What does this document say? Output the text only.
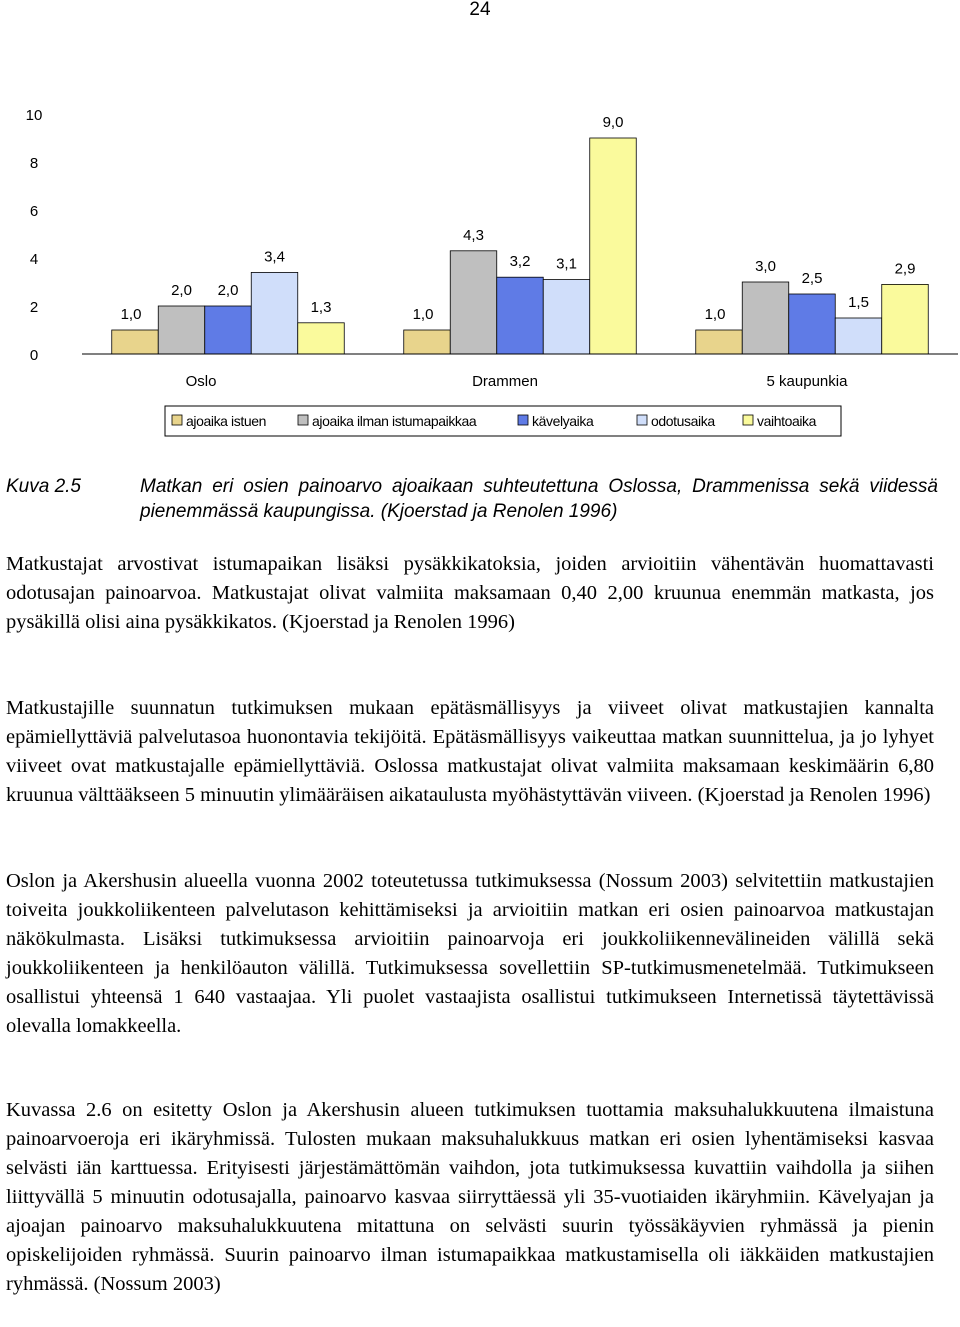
24
0
2
4
6
8
10
1,0
2,0 2,0
3,4
1,3	1,0
4,3
3,2 3,1
9,0
1,0
3,0
2,5
1,5
2,9
Oslo	Drammen	5 kaupunkia
ajoaika istuen	ajoaika ilman istumapaikkaa	kävelyaika	odotusaika	vaihtoaika
Kuva 2.5	Matkan eri osien painoarvo ajoaikaan suhteutettuna Oslossa, Drammenissa sekä viidessä pienemmässä kaupungissa. (Kjoerstad ja Renolen 1996)

Matkustajat arvostivat istumapaikan lisäksi pysäkkikatoksia, joiden arvioitiin vähentävän huomattavasti odotusajan painoarvoa. Matkustajat olivat valmiita maksamaan 0,40 2,00 kruunua enemmän matkasta, jos pysäkillä olisi aina pysäkkikatos. (Kjoerstad ja Renolen 1996)

Matkustajille suunnatun tutkimuksen mukaan epätäsmällisyys ja viiveet olivat matkustajien kannalta epämiellyttäviä palvelutasoa huonontavia tekijöitä. Epätäsmällisyys vaikeuttaa matkan suunnittelua, ja jo lyhyet viiveet ovat matkustajalle epämiellyttäviä. Oslossa matkustajat olivat valmiita maksamaan keskimäärin 6,80 kruunua välttääkseen 5 minuutin ylimääräisen aikataulusta myöhästyttävän viiveen. (Kjoerstad ja Renolen 1996)

Oslon ja Akershusin alueella vuonna 2002 toteutetussa tutkimuksessa (Nossum 2003) selvitettiin matkustajien toiveita joukkoliikenteen palvelutason kehittämiseksi ja arvioitiin matkan eri osien painoarvoa matkustajan näkökulmasta. Lisäksi tutkimuksessa arvioitiin painoarvoja eri joukkoliikennevälineiden välillä sekä joukkoliikenteen ja henkilöauton välillä. Tutkimuksessa sovellettiin SP-tutkimusmenetelmää. Tutkimukseen osallistui yhteensä 1 640 vastaajaa. Yli puolet vastaajista osallistui tutkimukseen Internetissä täytettävissä olevalla lomakkeella.

Kuvassa 2.6 on esitetty Oslon ja Akershusin alueen tutkimuksen tuottamia maksuhalukkuutena ilmaistuna painoarvoeroja eri ikäryhmissä. Tulosten mukaan maksuhalukkuus matkan eri osien lyhentämiseksi kasvaa selvästi iän karttuessa. Erityisesti järjestämättömän vaihdon, jota tutkimuksessa kuvattiin vaihdolla ja siihen liittyvällä 5 minuutin odotusajalla, painoarvo kasvaa siirryttäessä yli 35-vuotiaiden ikäryhmiin. Kävelyajan ja ajoajan painoarvo maksuhalukkuutena mitattuna on selvästi suurin työssäkäyvien ryhmässä ja pienin opiskelijoiden ryhmässä. Suurin painoarvo ilman istumapaikkaa matkustamisella oli iäkkäiden matkustajien ryhmässä. (Nossum 2003)
